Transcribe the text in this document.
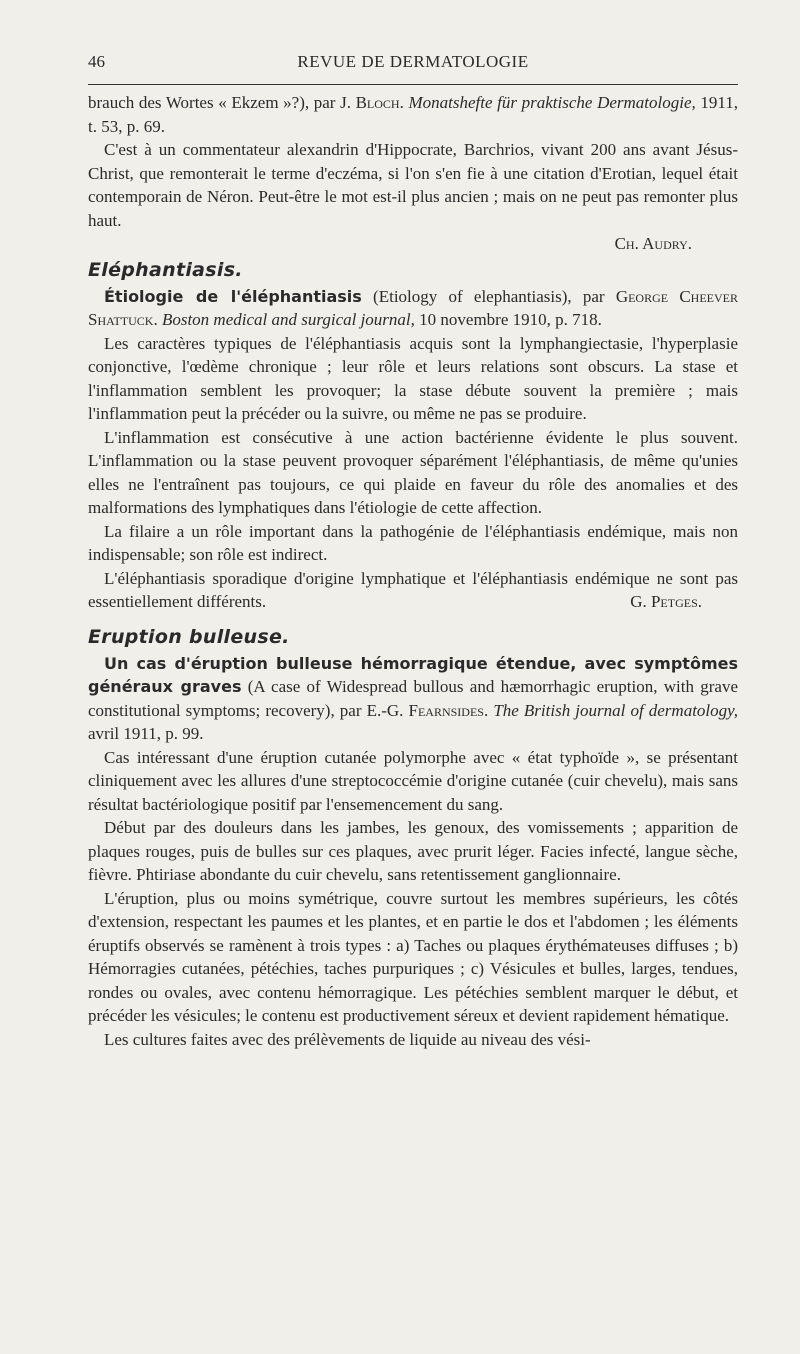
46	REVUE DE DERMATOLOGIE

brauch des Wortes « Ekzem »?), par J. Bloch. Monatshefte für praktische Dermatologie, 1911, t. 53, p. 69.

C'est à un commentateur alexandrin d'Hippocrate, Barchrios, vivant 200 ans avant Jésus-Christ, que remonterait le terme d'eczéma, si l'on s'en fie à une citation d'Erotian, lequel était contemporain de Néron. Peut-être le mot est-il plus ancien ; mais on ne peut pas remonter plus haut.

Ch. Audry.

Eléphantiasis.

Étiologie de l'éléphantiasis (Etiology of elephantiasis), par George Cheever Shattuck. Boston medical and surgical journal, 10 novembre 1910, p. 718.

Les caractères typiques de l'éléphantiasis acquis sont la lymphangiectasie, l'hyperplasie conjonctive, l'œdème chronique ; leur rôle et leurs relations sont obscurs. La stase et l'inflammation semblent les provoquer; la stase débute souvent la première ; mais l'inflammation peut la précéder ou la suivre, ou même ne pas se produire.

L'inflammation est consécutive à une action bactérienne évidente le plus souvent. L'inflammation ou la stase peuvent provoquer séparément l'éléphantiasis, de même qu'unies elles ne l'entraînent pas toujours, ce qui plaide en faveur du rôle des anomalies et des malformations des lymphatiques dans l'étiologie de cette affection.

La filaire a un rôle important dans la pathogénie de l'éléphantiasis endémique, mais non indispensable; son rôle est indirect.

L'éléphantiasis sporadique d'origine lymphatique et l'éléphantiasis endémique ne sont pas essentiellement différents.	G. Petges.

Eruption bulleuse.

Un cas d'éruption bulleuse hémorragique étendue, avec symptômes généraux graves (A case of Widespread bullous and hæmorrhagic eruption, with grave constitutional symptoms; recovery), par E.-G. Fearnsides. The British journal of dermatology, avril 1911, p. 99.

Cas intéressant d'une éruption cutanée polymorphe avec « état typhoïde », se présentant cliniquement avec les allures d'une streptococcémie d'origine cutanée (cuir chevelu), mais sans résultat bactériologique positif par l'ensemencement du sang.

Début par des douleurs dans les jambes, les genoux, des vomissements ; apparition de plaques rouges, puis de bulles sur ces plaques, avec prurit léger. Facies infecté, langue sèche, fièvre. Phtiriase abondante du cuir chevelu, sans retentissement ganglionnaire.

L'éruption, plus ou moins symétrique, couvre surtout les membres supérieurs, les côtés d'extension, respectant les paumes et les plantes, et en partie le dos et l'abdomen ; les éléments éruptifs observés se ramènent à trois types : a) Taches ou plaques érythémateuses diffuses ; b) Hémorragies cutanées, pétéchies, taches purpuriques ; c) Vésicules et bulles, larges, tendues, rondes ou ovales, avec contenu hémorragique. Les pétéchies semblent marquer le début, et précéder les vésicules; le contenu est productivement séreux et devient rapidement hématique.

Les cultures faites avec des prélèvements de liquide au niveau des vési-
